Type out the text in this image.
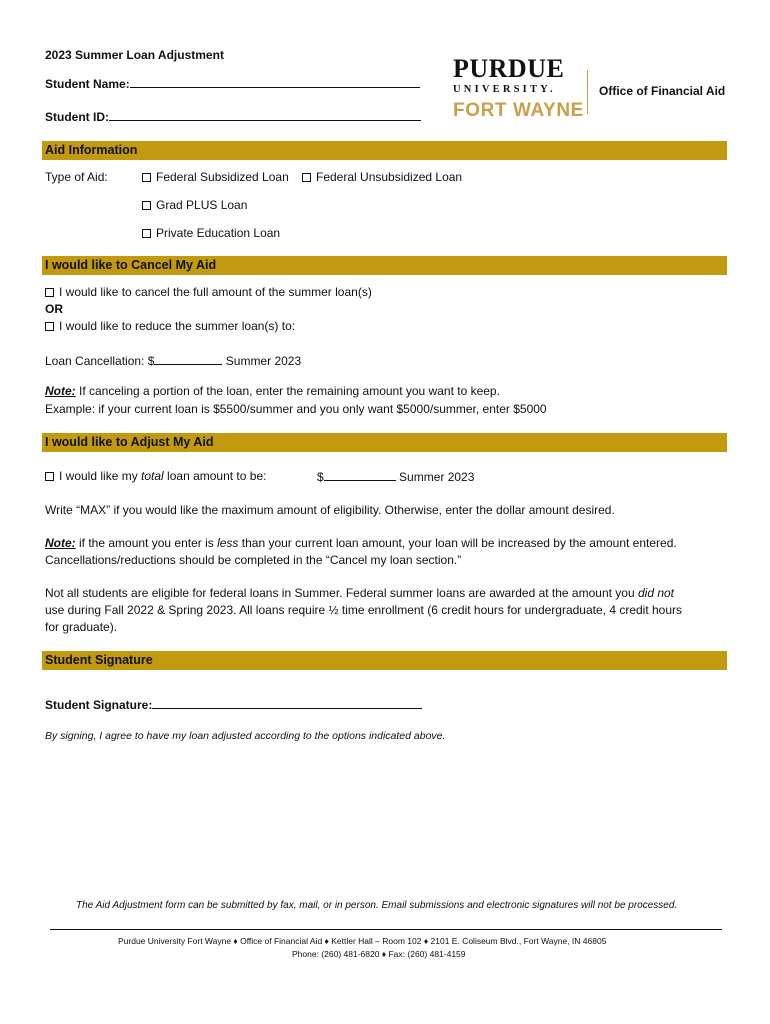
2023 Summer Loan Adjustment
Student Name:
Student ID:
PURDUE
UNIVERSITY.
FORT WAYNE
Office of Financial Aid
Aid Information
Type of Aid:	Federal Subsidized Loan	Federal Unsubsidized Loan
Grad PLUS Loan
Private Education Loan
I would like to Cancel My Aid
I would like to cancel the full amount of the summer loan(s)
OR
I would like to reduce the summer loan(s) to:
Loan Cancellation: $	Summer 2023
Note: If canceling a portion of the loan, enter the remaining amount you want to keep.
Example: if your current loan is $5500/summer and you only want $5000/summer, enter $5000
I would like to Adjust My Aid
I would like my total loan amount to be:	$	Summer 2023
Write “MAX” if you would like the maximum amount of eligibility. Otherwise, enter the dollar amount desired.
Note: if the amount you enter is less than your current loan amount, your loan will be increased by the amount entered.
Cancellations/reductions should be completed in the “Cancel my loan section.”
Not all students are eligible for federal loans in Summer. Federal summer loans are awarded at the amount you did not
use during Fall 2022 & Spring 2023. All loans require ½ time enrollment (6 credit hours for undergraduate, 4 credit hours
for graduate).
Student Signature
Student Signature:
By signing, I agree to have my loan adjusted according to the options indicated above.
The Aid Adjustment form can be submitted by fax, mail, or in person. Email submissions and electronic signatures will not be processed.
Purdue University Fort Wayne ♦ Office of Financial Aid ♦ Kettler Hall – Room 102 ♦ 2101 E. Coliseum Blvd., Fort Wayne, IN 46805
Phone: (260) 481-6820 ♦ Fax: (260) 481-4159
